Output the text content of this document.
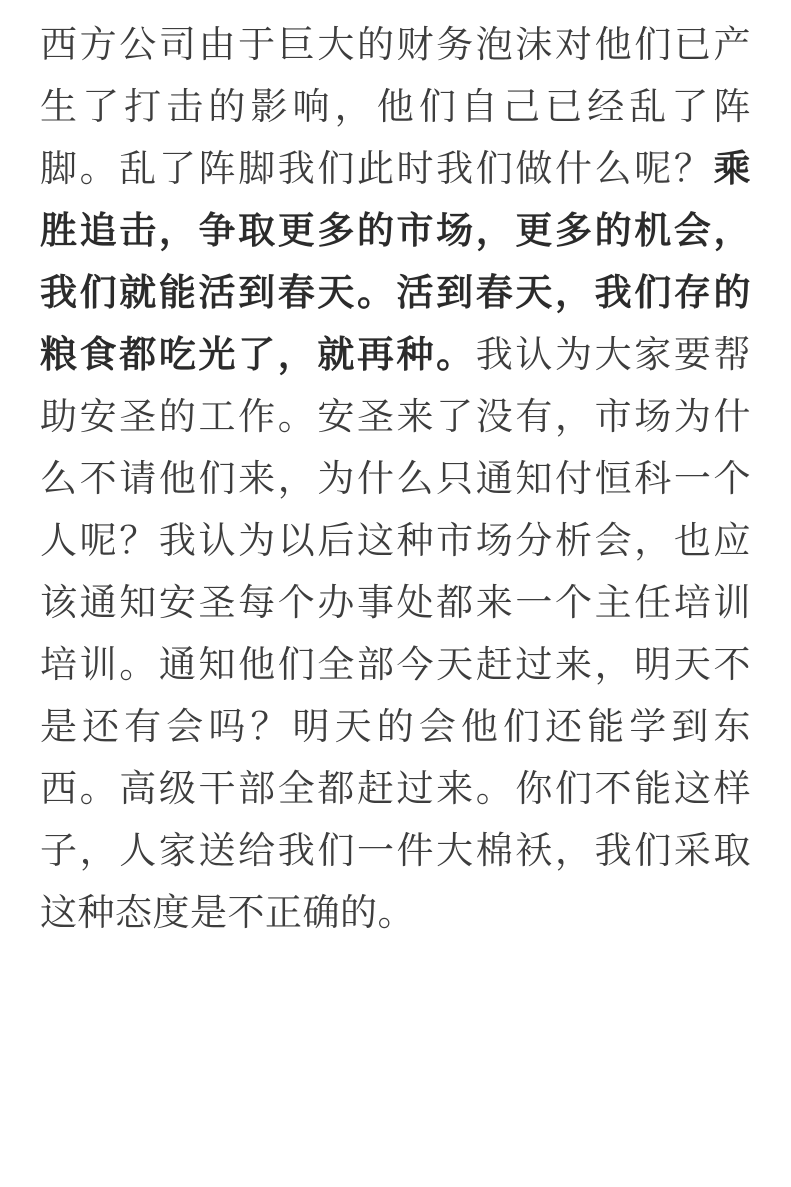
西方公司由于巨大的财务泡沫对他们已产生了打击的影响，他们自己已经乱了阵脚。乱了阵脚我们此时我们做什么呢？乘胜追击，争取更多的市场，更多的机会，我们就能活到春天。活到春天，我们存的粮食都吃光了，就再种。我认为大家要帮助安圣的工作。安圣来了没有，市场为什么不请他们来，为什么只通知付恒科一个人呢？我认为以后这种市场分析会，也应该通知安圣每个办事处都来一个主任培训培训。通知他们全部今天赶过来，明天不是还有会吗？明天的会他们还能学到东西。高级干部全都赶过来。你们不能这样子，人家送给我们一件大棉袄，我们采取这种态度是不正确的。
